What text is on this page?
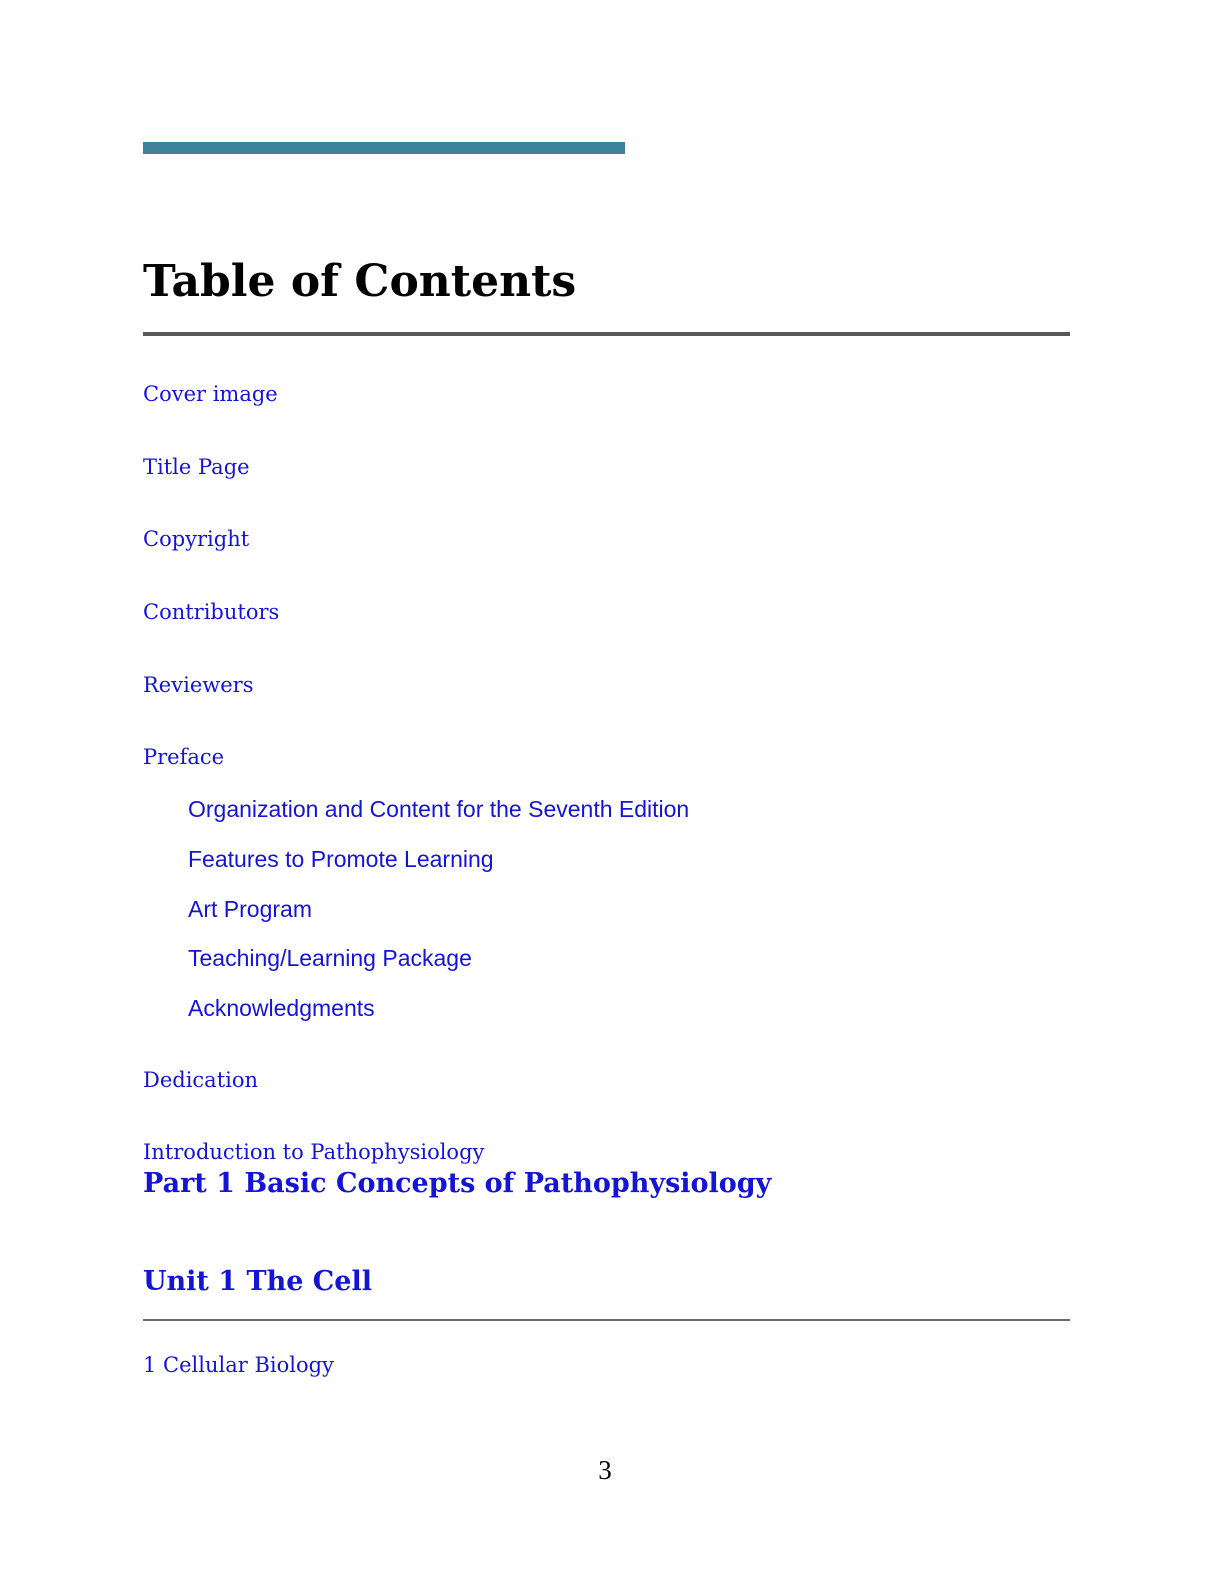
Table of Contents
Cover image
Title Page
Copyright
Contributors
Reviewers
Preface
Organization and Content for the Seventh Edition
Features to Promote Learning
Art Program
Teaching/Learning Package
Acknowledgments
Dedication
Introduction to Pathophysiology
Part 1 Basic Concepts of Pathophysiology
Unit 1 The Cell
1 Cellular Biology
3
